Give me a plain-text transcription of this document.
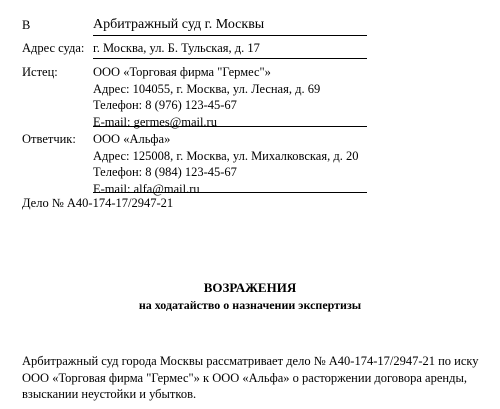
В	Арбитражный суд г. Москвы
Адрес суда: г. Москва, ул. Б. Тульская, д. 17
Истец:	ООО «Торговая фирма "Гермес"»
Адрес: 104055, г. Москва, ул. Лесная, д. 69
Телефон: 8 (976) 123-45-67
E-mail: germes@mail.ru
Ответчик: ООО «Альфа»
Адрес: 125008, г. Москва, ул. Михалковская, д. 20
Телефон: 8 (984) 123-45-67
E-mail: alfa@mail.ru
Дело № А40-174-17/2947-21
ВОЗРАЖЕНИЯ
на ходатайство о назначении экспертизы
Арбитражный суд города Москвы рассматривает дело № А40-174-17/2947-21 по иску
ООО «Торговая фирма "Гермес"» к ООО «Альфа» о расторжении договора аренды,
взыскании неустойки и убытков.
